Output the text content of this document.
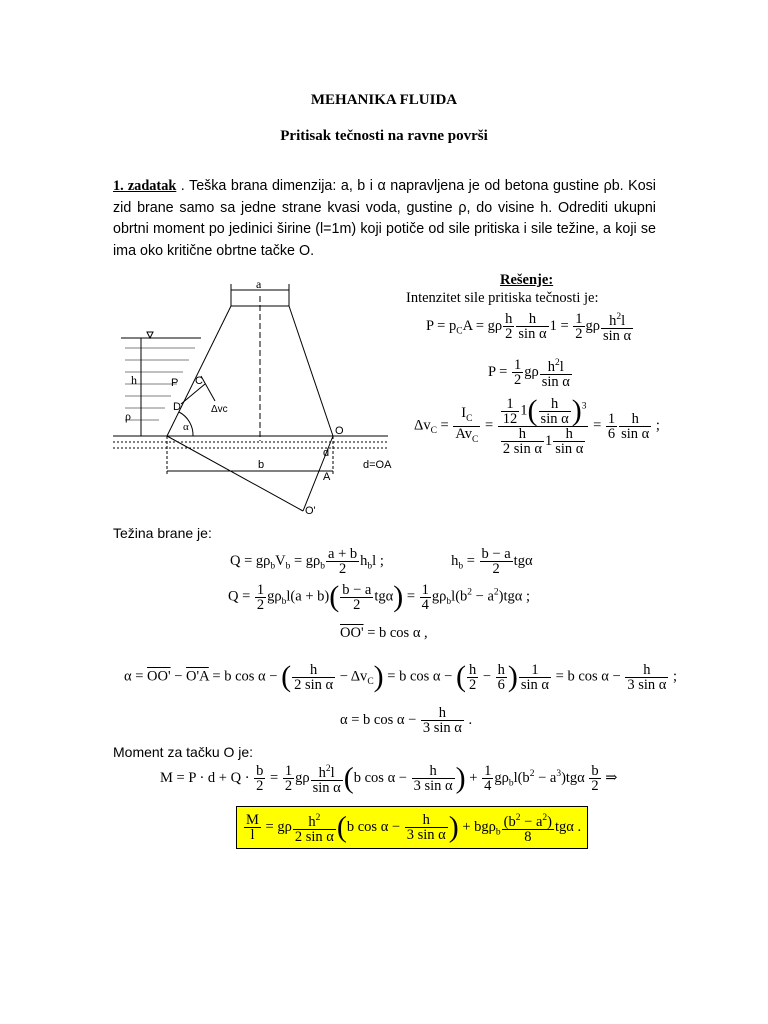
MEHANIKA FLUIDA
Pritisak tečnosti na ravne površi
1. zadatak . Teška brana dimenzija: a, b i α napravljena je od betona gustine ρb. Kosi zid brane samo sa jedne strane kvasi voda, gustine ρ, do visine h. Odrediti ukupni obrtni moment po jedinici širine (l=1m) koji potiče od sile pritiska i sile težine, a koji se ima oko kritične obrtne tačke O.
a
h
ρ
P C
D	Δvc
α	O
d
A
b
O'
d=OA
Rešenje:
Intenzitet sile pritiska tečnosti je:
$P = p_CA = g\rho \frac{h}{2} \frac{h}{\text{sin α}} 1 = \frac{1}{2}$ gρ $\frac{h^2l}{\text{sin α}}$
$P = \frac{1}{2}$ gρ $\frac{h^2l}{\text{sin α}}$
$\Delta v_C = \frac{I_C}{Av_C} = \frac{\frac{1}{12} 1( \frac{h}{\text{sin α}} )^3}{\frac{h}{\text{2 sin α}} 1 \frac{h}{\text{sin α}}} = \frac{1}{6} \frac{h}{\text{sin α}}$ ;
Težina brane je:
$Q = g\rho_bV_b = g\rho_b \frac{a + b}{2} h_bl$ ;	$h_b = \frac{b - a}{2}$ tgα
$Q = \frac{1}{2} g\rho_bl(a + b)( \frac{b - a}{2} tg\alpha) = \frac{1}{4} g\rho_bl(b^2 - a^2)tg\alpha$ ;
OO' = b cos α ,
α = OO' − O'A = b cos α − ( $\frac{h}{\text{2 sin α}} - \Delta v_C) = b$ cos α − ( $\frac{h}{2} - \frac{h}{6}$ ) $\frac{1}{\text{sin α}} = b$ $\cos \alpha - \frac{h}{\text{3 sin α}}$ ;
α = b $\cos \alpha - \frac{h}{\text{3 sin α}}$ .
Moment za tačku O je:
$M = P \cdot d + Q \cdot \frac{b}{2} = \frac{1}{2}$ gρ $\frac{h^2l}{\text{sin α}} (b$ $\cos \alpha - \frac{h}{\text{3 sin α}}$ ) + $\frac{1}{4} g\rho_bl(b^2 - a^3)tg\alpha \frac{b}{2}$ ⇒
$\frac{M}{l} = g\rho \frac{h^2}{\text{2 sin α}} (b$ $\cos \alpha - \frac{h}{\text{3 sin α}}$ ) + $bg\rho_b \frac{(b^2 - a^2)}{8}$ tgα .
